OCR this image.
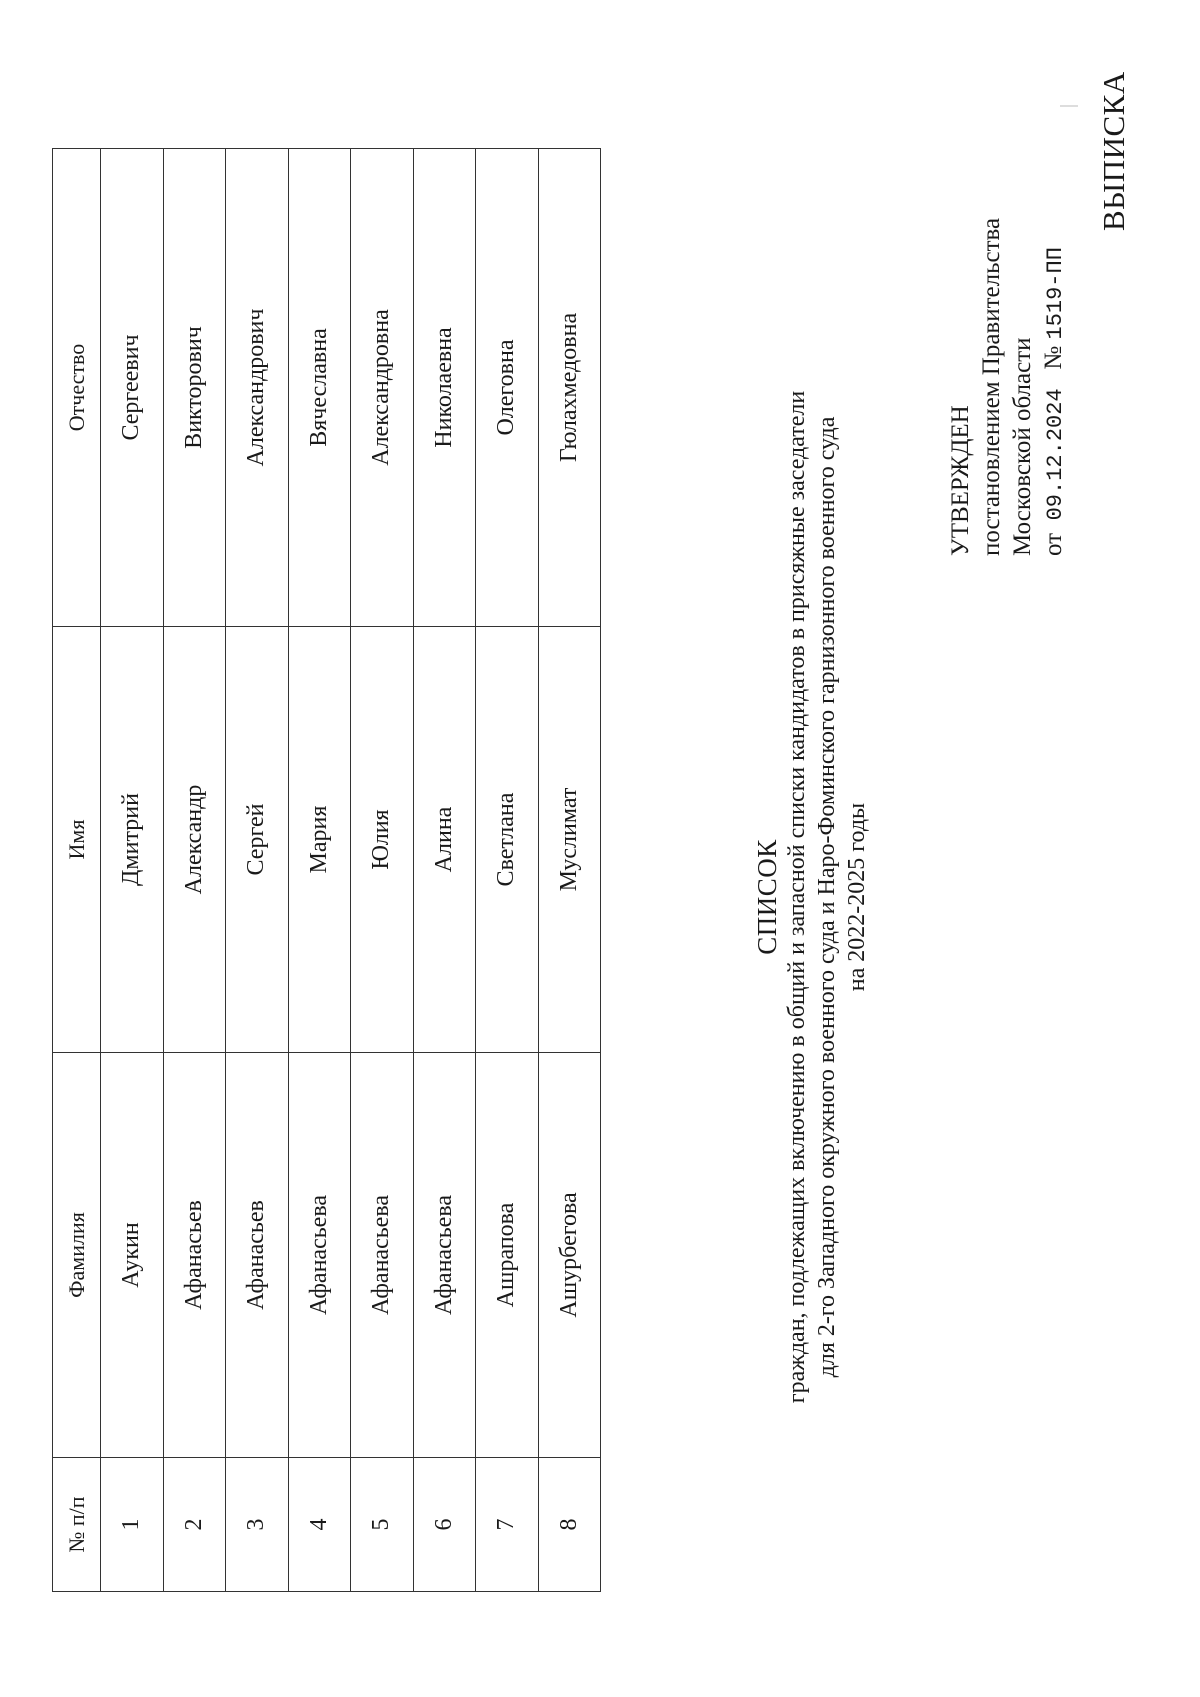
ВЫПИСКА
УТВЕРЖДЕН постановлением Правительства Московской области от  09.12.2024   № 1519-ПП
СПИСОК граждан, подлежащих включению в общий и запасной списки кандидатов в присяжные заседатели для 2-го Западного окружного военного суда и Наро-Фоминского гарнизонного военного суда на 2022-2025 годы
№ п/п	Фамилия	Имя	Отчество
1	Аукин	Дмитрий	Сергеевич
2	Афанасьев	Александр	Викторович
3	Афанасьев	Сергей	Александрович
4	Афанасьева	Мария	Вячеславна
5	Афанасьева	Юлия	Александровна
6	Афанасьева	Алина	Николаевна
7	Ашрапова	Светлана	Олеговна
8	Ашурбегова	Муслимат	Гюлахмедовна
